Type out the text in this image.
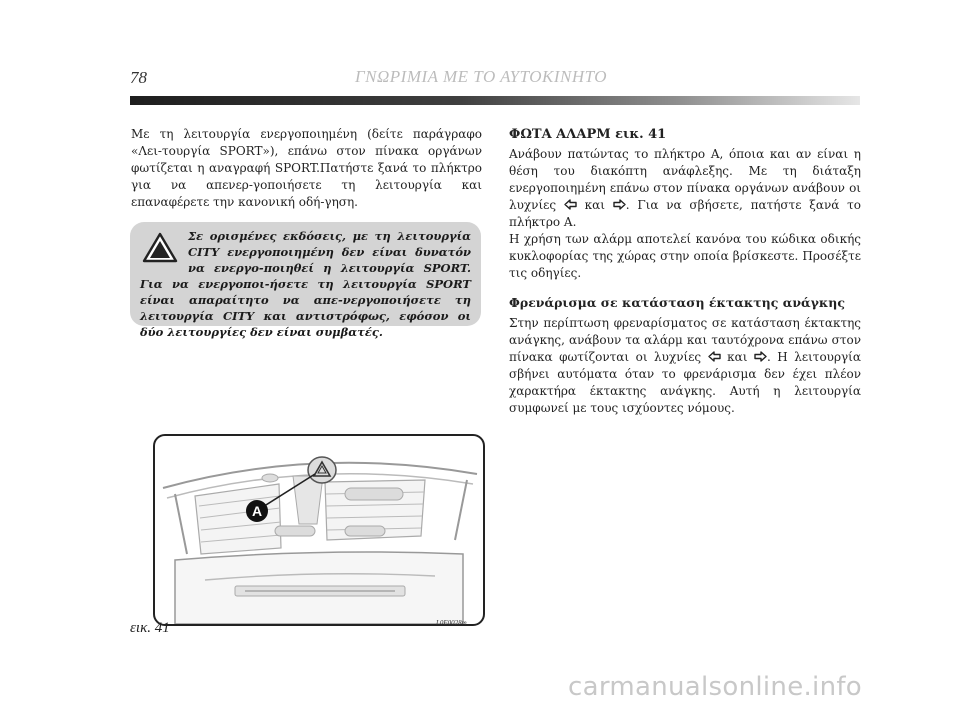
78	ΓΝΩΡΙΜΙΑ ΜΕ ΤΟ ΑΥΤΟΚΙΝΗΤΟ

Με τη λειτουργία ενεργοποιημένη (δείτε παράγραφο «Λει-τουργία SPORT»), επάνω στον πίνακα οργάνων φωτίζεται η αναγραφή SPORT.Πατήστε ξανά το πλήκτρο για να απενερ-γοποιήσετε τη λειτουργία και επαναφέρετε την κανονική οδή-γηση.

Σε ορισμένες εκδόσεις, με τη λειτουργία CITY ενεργοποιημένη δεν είναι δυνατόν να ενεργο-ποιηθεί η λειτουργία SPORT. Για να ενεργοποι-ήσετε τη λειτουργία SPORT είναι απαραίτητο να απε-νεργοποιήσετε τη λειτουργία CITY και αντιστρόφως, εφόσον οι δύο λειτουργίες δεν είναι συμβατές.

ΦΩΤΑ ΑΛΑΡΜ εικ. 41

Ανάβουν πατώντας το πλήκτρο A, όποια και αν είναι η θέση του διακόπτη ανάφλεξης. Με τη διάταξη ενεργοποιημένη επάνω στον πίνακα οργάνων ανάβουν οι λυχνίες  και . Για να σβήσετε, πατήστε ξανά το πλήκτρο A.

Η χρήση των αλάρμ αποτελεί κανόνα του κώδικα οδικής κυκλοφορίας της χώρας στην οποία βρίσκεστε. Προσέξτε τις οδηγίες.

Φρενάρισμα σε κατάσταση έκτακτης ανάγκης

Στην περίπτωση φρεναρίσματος σε κατάσταση έκτακτης ανάγκης, ανάβουν τα αλάρμ και ταυτόχρονα επάνω στον πίνακα φωτίζονται οι λυχνίες  και . Η λειτουργία σβήνει αυτόματα όταν το φρενάρισμα δεν έχει πλέον χαρακτήρα έκτακτης ανάγκης. Αυτή η λειτουργία συμφωνεί με τους ισχύοντες νόμους.

A
εικ. 41	L0E0028m
carmanualsonline.info
